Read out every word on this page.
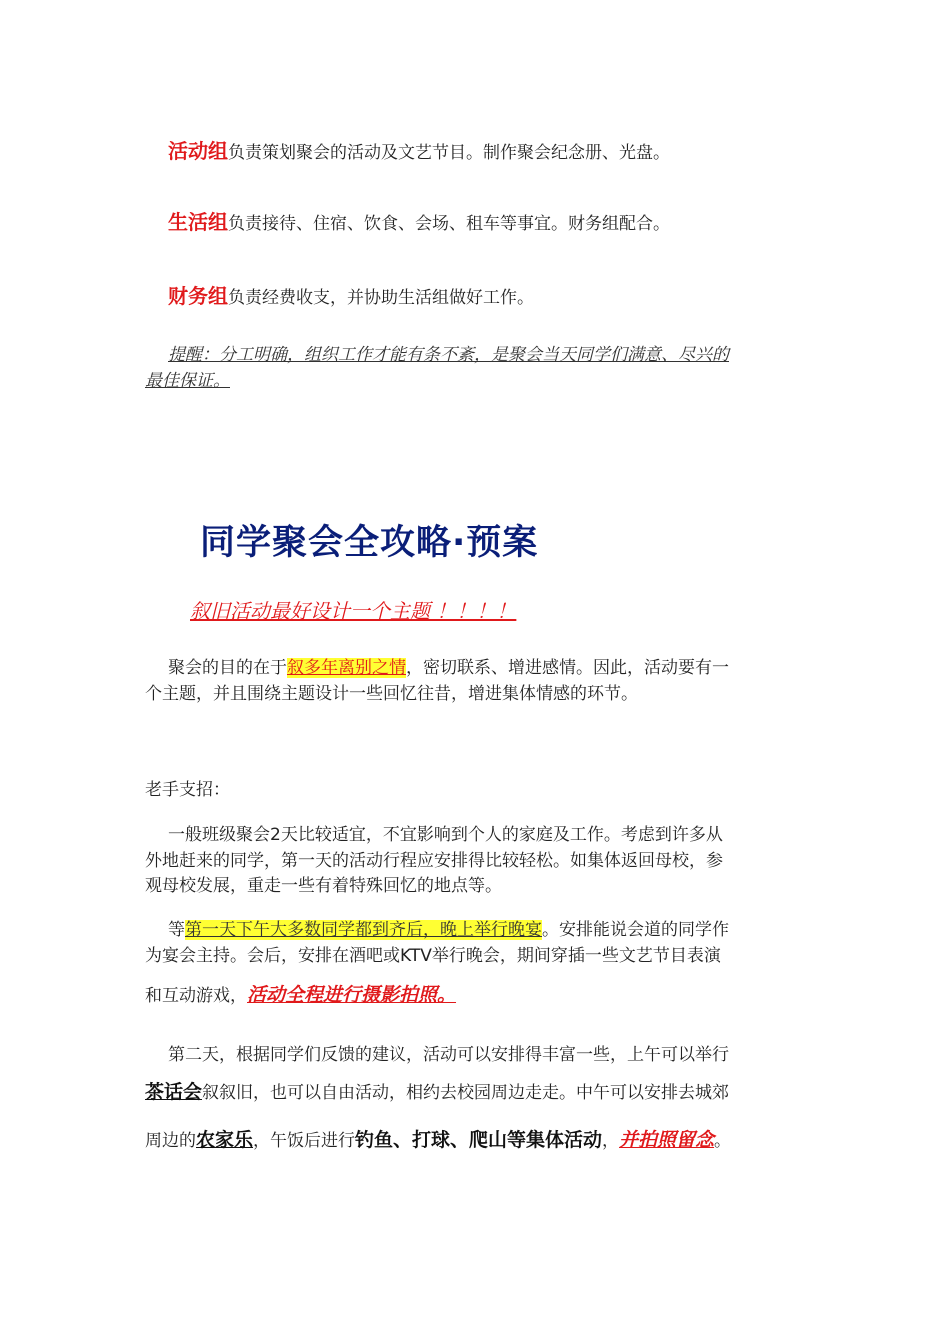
活动组负责策划聚会的活动及文艺节目。制作聚会纪念册、光盘。
生活组负责接待、住宿、饮食、会场、租车等事宜。财务组配合。
财务组负责经费收支，并协助生活组做好工作。
提醒：分工明确，组织工作才能有条不紊，是聚会当天同学们满意、尽兴的
最佳保证。
同学聚会全攻略·预案
叙旧活动最好设计一个主题 ！！！！
聚会的目的在于叙多年离别之情，密切联系、增进感情。因此，活动要有一
个主题，并且围绕主题设计一些回忆往昔，增进集体情感的环节。
老手支招：
一般班级聚会2天比较适宜，不宜影响到个人的家庭及工作。考虑到许多从
外地赶来的同学，第一天的活动行程应安排得比较轻松。如集体返回母校，参
观母校发展，重走一些有着特殊回忆的地点等。
等第一天下午大多数同学都到齐后，晚上举行晚宴。安排能说会道的同学作
为宴会主持。会后，安排在酒吧或KTV举行晚会，期间穿插一些文艺节目表演
和互动游戏，活动全程进行摄影拍照。
第二天，根据同学们反馈的建议，活动可以安排得丰富一些，上午可以举行
茶话会叙叙旧，也可以自由活动，相约去校园周边走走。中午可以安排去城郊
周边的农家乐，午饭后进行钓鱼、打球、爬山等集体活动，并拍照留念。
